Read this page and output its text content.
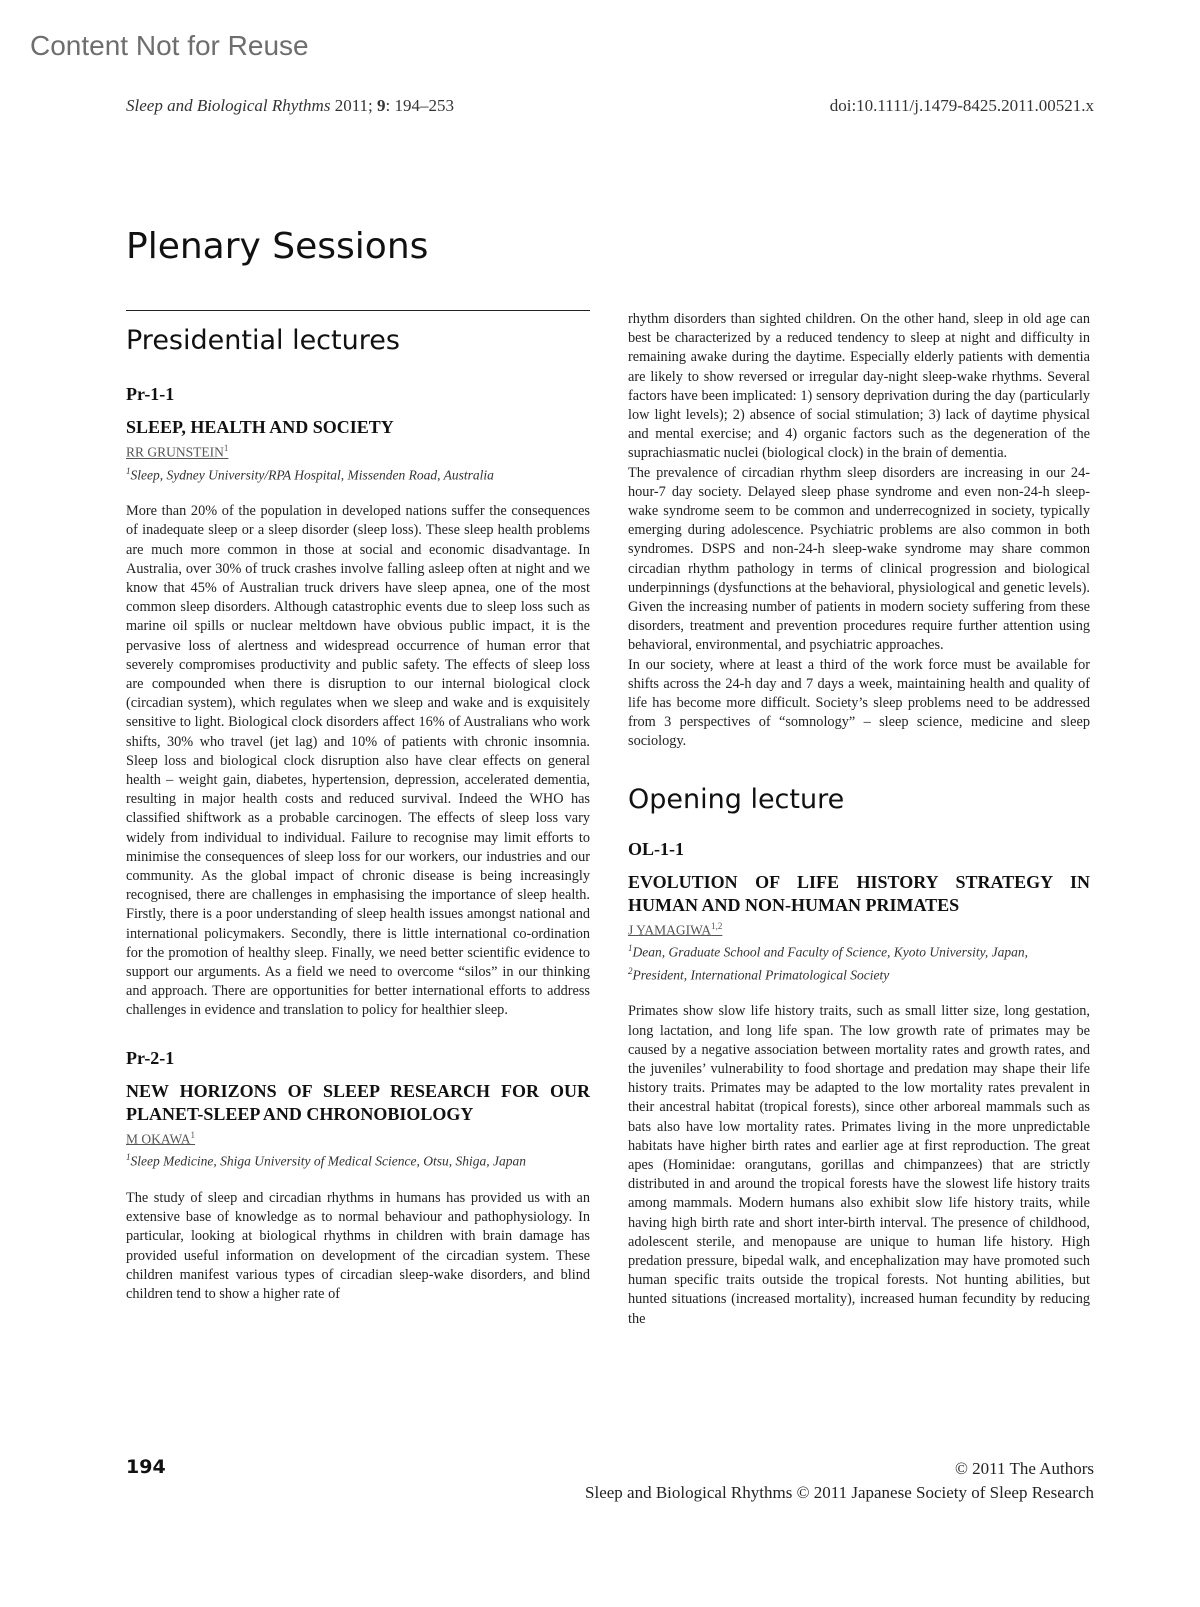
Content Not for Reuse
Sleep and Biological Rhythms 2011; 9: 194–253	doi:10.1111/j.1479-8425.2011.00521.x
Plenary Sessions
Presidential lectures

Pr-1-1

SLEEP, HEALTH AND SOCIETY

RR GRUNSTEIN$^1$

$^1$Sleep, Sydney University/RPA Hospital, Missenden Road, Australia

More than 20% of the population in developed nations suffer the consequences of inadequate sleep or a sleep disorder (sleep loss). These sleep health problems are much more common in those at social and economic disadvantage. In Australia, over 30% of truck crashes involve falling asleep often at night and we know that 45% of Australian truck drivers have sleep apnea, one of the most common sleep disorders. Although catastrophic events due to sleep loss such as marine oil spills or nuclear meltdown have obvious public impact, it is the pervasive loss of alertness and widespread occurrence of human error that severely compromises productivity and public safety. The effects of sleep loss are compounded when there is disruption to our internal biological clock (circadian system), which regulates when we sleep and wake and is exquisitely sensitive to light. Biological clock disorders affect 16% of Australians who work shifts, 30% who travel (jet lag) and 10% of patients with chronic insomnia. Sleep loss and biological clock disruption also have clear effects on general health – weight gain, diabetes, hypertension, depression, accelerated dementia, resulting in major health costs and reduced survival. Indeed the WHO has classified shiftwork as a probable carcinogen. The effects of sleep loss vary widely from individual to individual. Failure to recognise may limit efforts to minimise the consequences of sleep loss for our workers, our industries and our community. As the global impact of chronic disease is being increasingly recognised, there are challenges in emphasising the importance of sleep health. Firstly, there is a poor understanding of sleep health issues amongst national and international policymakers. Secondly, there is little international co-ordination for the promotion of healthy sleep. Finally, we need better scientific evidence to support our arguments. As a field we need to overcome “silos” in our thinking and approach. There are opportunities for better international efforts to address challenges in evidence and translation to policy for healthier sleep.

Pr-2-1

NEW HORIZONS OF SLEEP RESEARCH FOR OUR PLANET-SLEEP AND CHRONOBIOLOGY

M OKAWA$^1$

$^1$Sleep Medicine, Shiga University of Medical Science, Otsu, Shiga, Japan

The study of sleep and circadian rhythms in humans has provided us with an extensive base of knowledge as to normal behaviour and pathophysiology. In particular, looking at biological rhythms in children with brain damage has provided useful information on development of the circadian system. These children manifest various types of circadian sleep-wake disorders, and blind children tend to show a higher rate of

rhythm disorders than sighted children. On the other hand, sleep in old age can best be characterized by a reduced tendency to sleep at night and difficulty in remaining awake during the daytime. Especially elderly patients with dementia are likely to show reversed or irregular day-night sleep-wake rhythms. Several factors have been implicated: 1) sensory deprivation during the day (particularly low light levels); 2) absence of social stimulation; 3) lack of daytime physical and mental exercise; and 4) organic factors such as the degeneration of the suprachiasmatic nuclei (biological clock) in the brain of dementia.

The prevalence of circadian rhythm sleep disorders are increasing in our 24-hour-7 day society. Delayed sleep phase syndrome and even non-24-h sleep-wake syndrome seem to be common and underrecognized in society, typically emerging during adolescence. Psychiatric problems are also common in both syndromes. DSPS and non-24-h sleep-wake syndrome may share common circadian rhythm pathology in terms of clinical progression and biological underpinnings (dysfunctions at the behavioral, physiological and genetic levels). Given the increasing number of patients in modern society suffering from these disorders, treatment and prevention procedures require further attention using behavioral, environmental, and psychiatric approaches.

In our society, where at least a third of the work force must be available for shifts across the 24-h day and 7 days a week, maintaining health and quality of life has become more difficult. Society’s sleep problems need to be addressed from 3 perspectives of “somnology” – sleep science, medicine and sleep sociology.

Opening lecture

OL-1-1

EVOLUTION OF LIFE HISTORY STRATEGY IN HUMAN AND NON-HUMAN PRIMATES

J YAMAGIWA$^{1,2}$

$^1$Dean, Graduate School and Faculty of Science, Kyoto University, Japan,

$^2$President, International Primatological Society

Primates show slow life history traits, such as small litter size, long gestation, long lactation, and long life span. The low growth rate of primates may be caused by a negative association between mortality rates and growth rates, and the juveniles’ vulnerability to food shortage and predation may shape their life history traits. Primates may be adapted to the low mortality rates prevalent in their ancestral habitat (tropical forests), since other arboreal mammals such as bats also have low mortality rates. Primates living in the more unpredictable habitats have higher birth rates and earlier age at first reproduction. The great apes (Hominidae: orangutans, gorillas and chimpanzees) that are strictly distributed in and around the tropical forests have the slowest life history traits among mammals. Modern humans also exhibit slow life history traits, while having high birth rate and short inter-birth interval. The presence of childhood, adolescent sterile, and menopause are unique to human life history. High predation pressure, bipedal walk, and encephalization may have promoted such human specific traits outside the tropical forests. Not hunting abilities, but hunted situations (increased mortality), increased human fecundity by reducing the

194	© 2011 The Authors
Sleep and Biological Rhythms © 2011 Japanese Society of Sleep Research
